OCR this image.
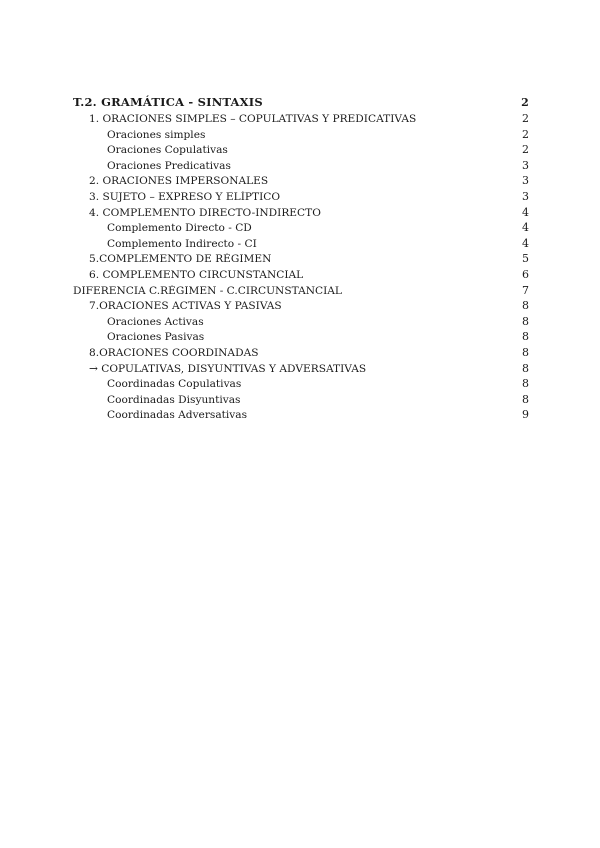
T.2. GRAMÁTICA - SINTAXIS	2
1. ORACIONES SIMPLES – COPULATIVAS Y PREDICATIVAS	2
Oraciones simples	2
Oraciones Copulativas	2
Oraciones Predicativas	3
2. ORACIONES IMPERSONALES	3
3. SUJETO – EXPRESO Y ELÍPTICO	3
4. COMPLEMENTO DIRECTO-INDIRECTO	4
Complemento Directo - CD	4
Complemento Indirecto - CI	4
5.COMPLEMENTO DE RÉGIMEN	5
6. COMPLEMENTO CIRCUNSTANCIAL	6
DIFERENCIA C.RÉGIMEN - C.CIRCUNSTANCIAL	7
7.ORACIONES ACTIVAS Y PASIVAS	8
Oraciones Activas	8
Oraciones Pasivas	8
8.ORACIONES COORDINADAS	8
→ COPULATIVAS, DISYUNTIVAS Y ADVERSATIVAS	8
Coordinadas Copulativas	8
Coordinadas Disyuntivas	8
Coordinadas Adversativas	9
